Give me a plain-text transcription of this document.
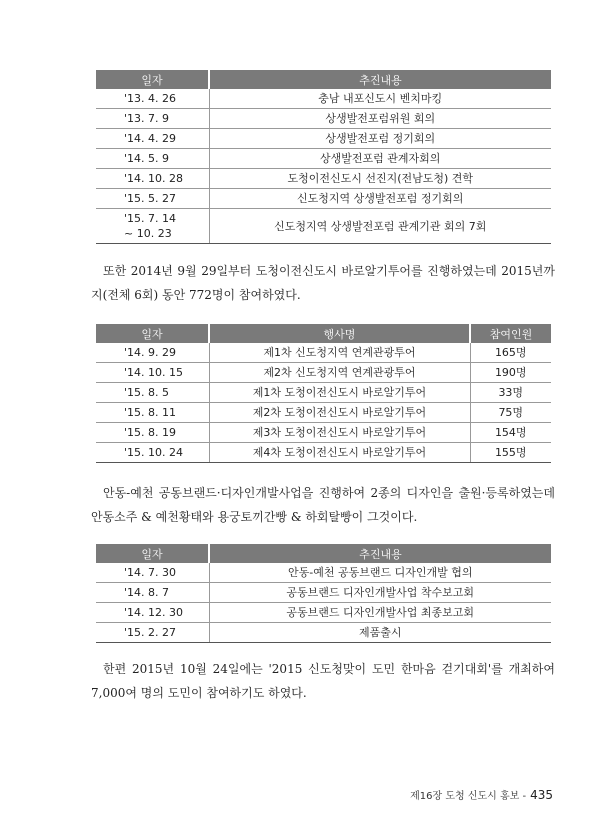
일자	추진내용
'13. 4. 26	충남 내포신도시 벤치마킹
'13. 7. 9	상생발전포럼위원 회의
'14. 4. 29	상생발전포럼 정기회의
'14. 5. 9	상생발전포럼 관계자회의
'14. 10. 28	도청이전신도시 선진지(전남도청) 견학
'15. 5. 27	신도청지역 상생발전포럼 정기회의
'15. 7. 14
~ 10. 23	신도청지역 상생발전포럼 관계기관 회의 7회

또한 2014년 9월 29일부터 도청이전신도시 바로알기투어를 진행하였는데 2015년까지(전체 6회) 동안 772명이 참여하였다.

일자	행사명	참여인원
'14. 9. 29	제1차 신도청지역 연계관광투어	165명
'14. 10. 15	제2차 신도청지역 연계관광투어	190명
'15. 8. 5	제1차 도청이전신도시 바로알기투어	33명
'15. 8. 11	제2차 도청이전신도시 바로알기투어	75명
'15. 8. 19	제3차 도청이전신도시 바로알기투어	154명
'15. 10. 24	제4차 도청이전신도시 바로알기투어	155명

안동-예천 공동브랜드·디자인개발사업을 진행하여 2종의 디자인을 출원·등록하였는데 안동소주 & 예천황태와 용궁토끼간빵 & 하회탈빵이 그것이다.

일자	추진내용
'14. 7. 30	안동-예천 공동브랜드 디자인개발 협의
'14. 8. 7	공동브랜드 디자인개발사업 착수보고회
'14. 12. 30	공동브랜드 디자인개발사업 최종보고회
'15. 2. 27	제품출시

한편 2015년 10월 24일에는 '2015 신도청맞이 도민 한마음 걷기대회'를 개최하여 7,000여 명의 도민이 참여하기도 하였다.

제16장 도청 신도시 홍보 - 435
